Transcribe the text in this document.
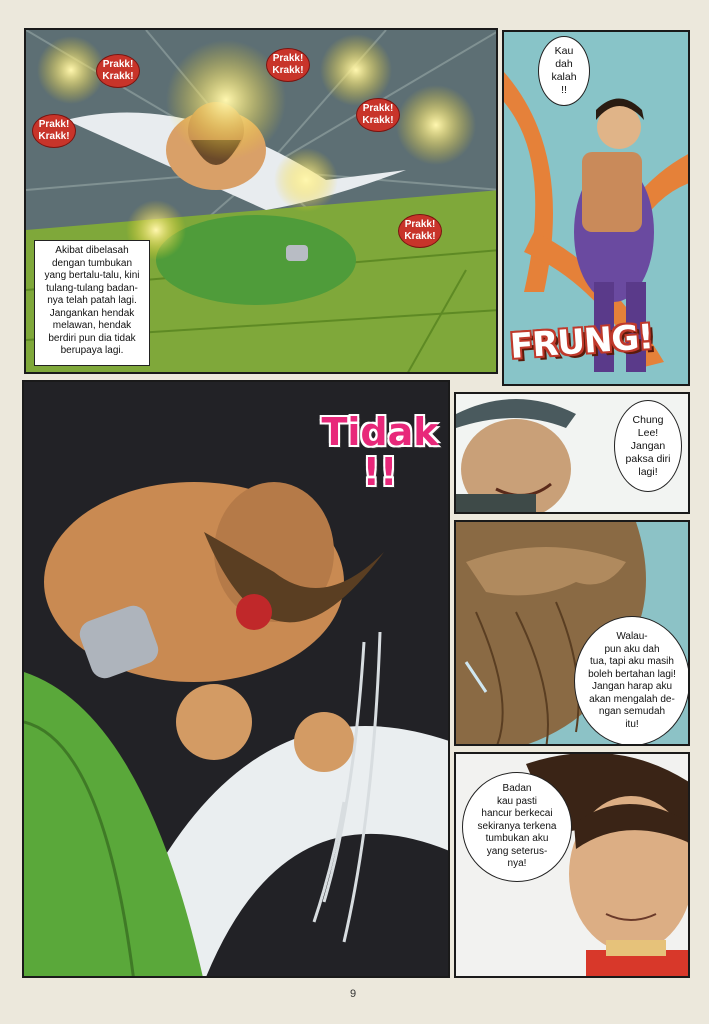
Prakk!
Krakk!
Prakk!
Krakk!
Prakk!
Krakk!
Prakk!
Krakk!
Prakk!
Krakk!
Akibat dibelasah
dengan tumbukan
yang bertalu-talu, kini
tulang-tulang badan-
nya telah patah lagi.
Jangankan hendak
melawan, hendak
berdiri pun dia tidak
berupaya lagi.
Kau
dah
kalah
!!
FRUNG!
Tidak
!!
Chung
Lee!
Jangan
paksa diri
lagi!
Walau-
pun aku dah
tua, tapi aku masih
boleh bertahan lagi!
Jangan harap aku
akan mengalah de-
ngan semudah
itu!
Badan
kau pasti
hancur berkecai
sekiranya terkena
tumbukan aku
yang seterus-
nya!
9
